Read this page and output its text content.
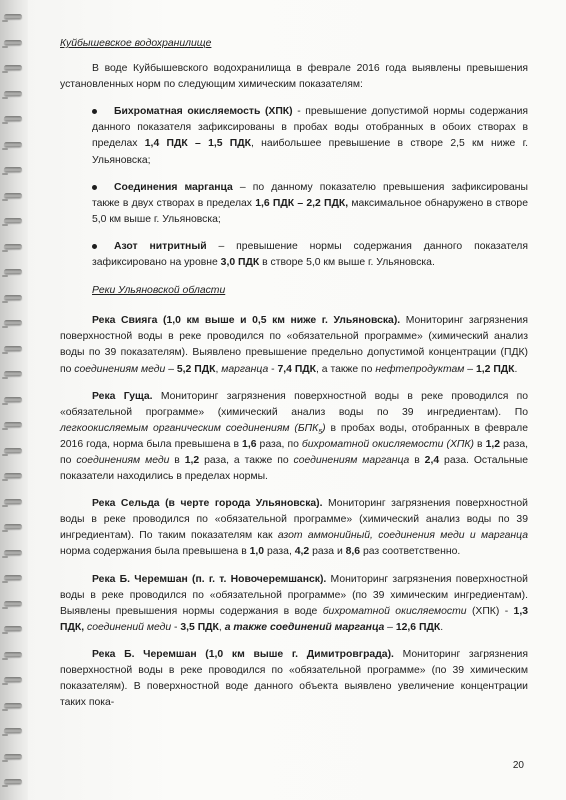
Куйбышевское водохранилище

В воде Куйбышевского водохранилища в феврале 2016 года выявлены превышения установленных норм по следующим химическим показателям:

Бихроматная окисляемость (ХПК) - превышение допустимой нормы содержания данного показателя зафиксированы в пробах воды отобранных в обоих створах в пределах 1,4 ПДК – 1,5 ПДК, наибольшее превышение в створе 2,5 км ниже г. Ульяновска;

Соединения марганца – по данному показателю превышения зафиксированы также в двух створах в пределах 1,6 ПДК – 2,2 ПДК, максимальное обнаружено в створе 5,0 км выше г. Ульяновска;

Азот нитритный – превышение нормы содержания данного показателя зафиксировано на уровне 3,0 ПДК в створе 5,0 км выше г. Ульяновска.

Реки Ульяновской области

Река Свияга (1,0 км выше и 0,5 км ниже г. Ульяновска). Мониторинг загрязнения поверхностной воды в реке проводился по «обязательной программе» (химический анализ воды по 39 показателям). Выявлено превышение предельно допустимой концентрации (ПДК) по соединениям меди – 5,2 ПДК, марганца - 7,4 ПДК, а также по нефтепродуктам – 1,2 ПДК.

Река Гуща. Мониторинг загрязнения поверхностной воды в реке проводился по «обязательной программе» (химический анализ воды по 39 ингредиентам). По легкоокисляемым органическим соединениям $(БПК_5)$ в пробах воды, отобранных в феврале 2016 года, норма была превышена в 1,6 раза, по бихроматной окисляемости (ХПК) в 1,2 раза, по соединениям меди в 1,2 раза, а также по соединениям марганца в 2,4 раза. Остальные показатели находились в пределах нормы.

Река Сельда (в черте города Ульяновска). Мониторинг загрязнения поверхностной воды в реке проводился по «обязательной программе» (химический анализ воды по 39 ингредиентам). По таким показателям как азот аммонийный, соединения меди и марганца норма содержания была превышена в 1,0 раза, 4,2 раза и 8,6 раз соответственно.

Река Б. Черемшан (п. г. т. Новочеремшанск). Мониторинг загрязнения поверхностной воды в реке проводился по «обязательной программе» (по 39 химическим ингредиентам). Выявлены превышения нормы содержания в воде бихроматной окисляемости (ХПК) - 1,3 ПДК, соединений меди - 3,5 ПДК, а также соединений марганца – 12,6 ПДК.

Река Б. Черемшан (1,0 км выше г. Димитровграда). Мониторинг загрязнения поверхностной воды в реке проводился по «обязательной программе» (по 39 химическим показателям). В поверхностной воде данного объекта выявлено увеличение концентрации таких пока-

20
